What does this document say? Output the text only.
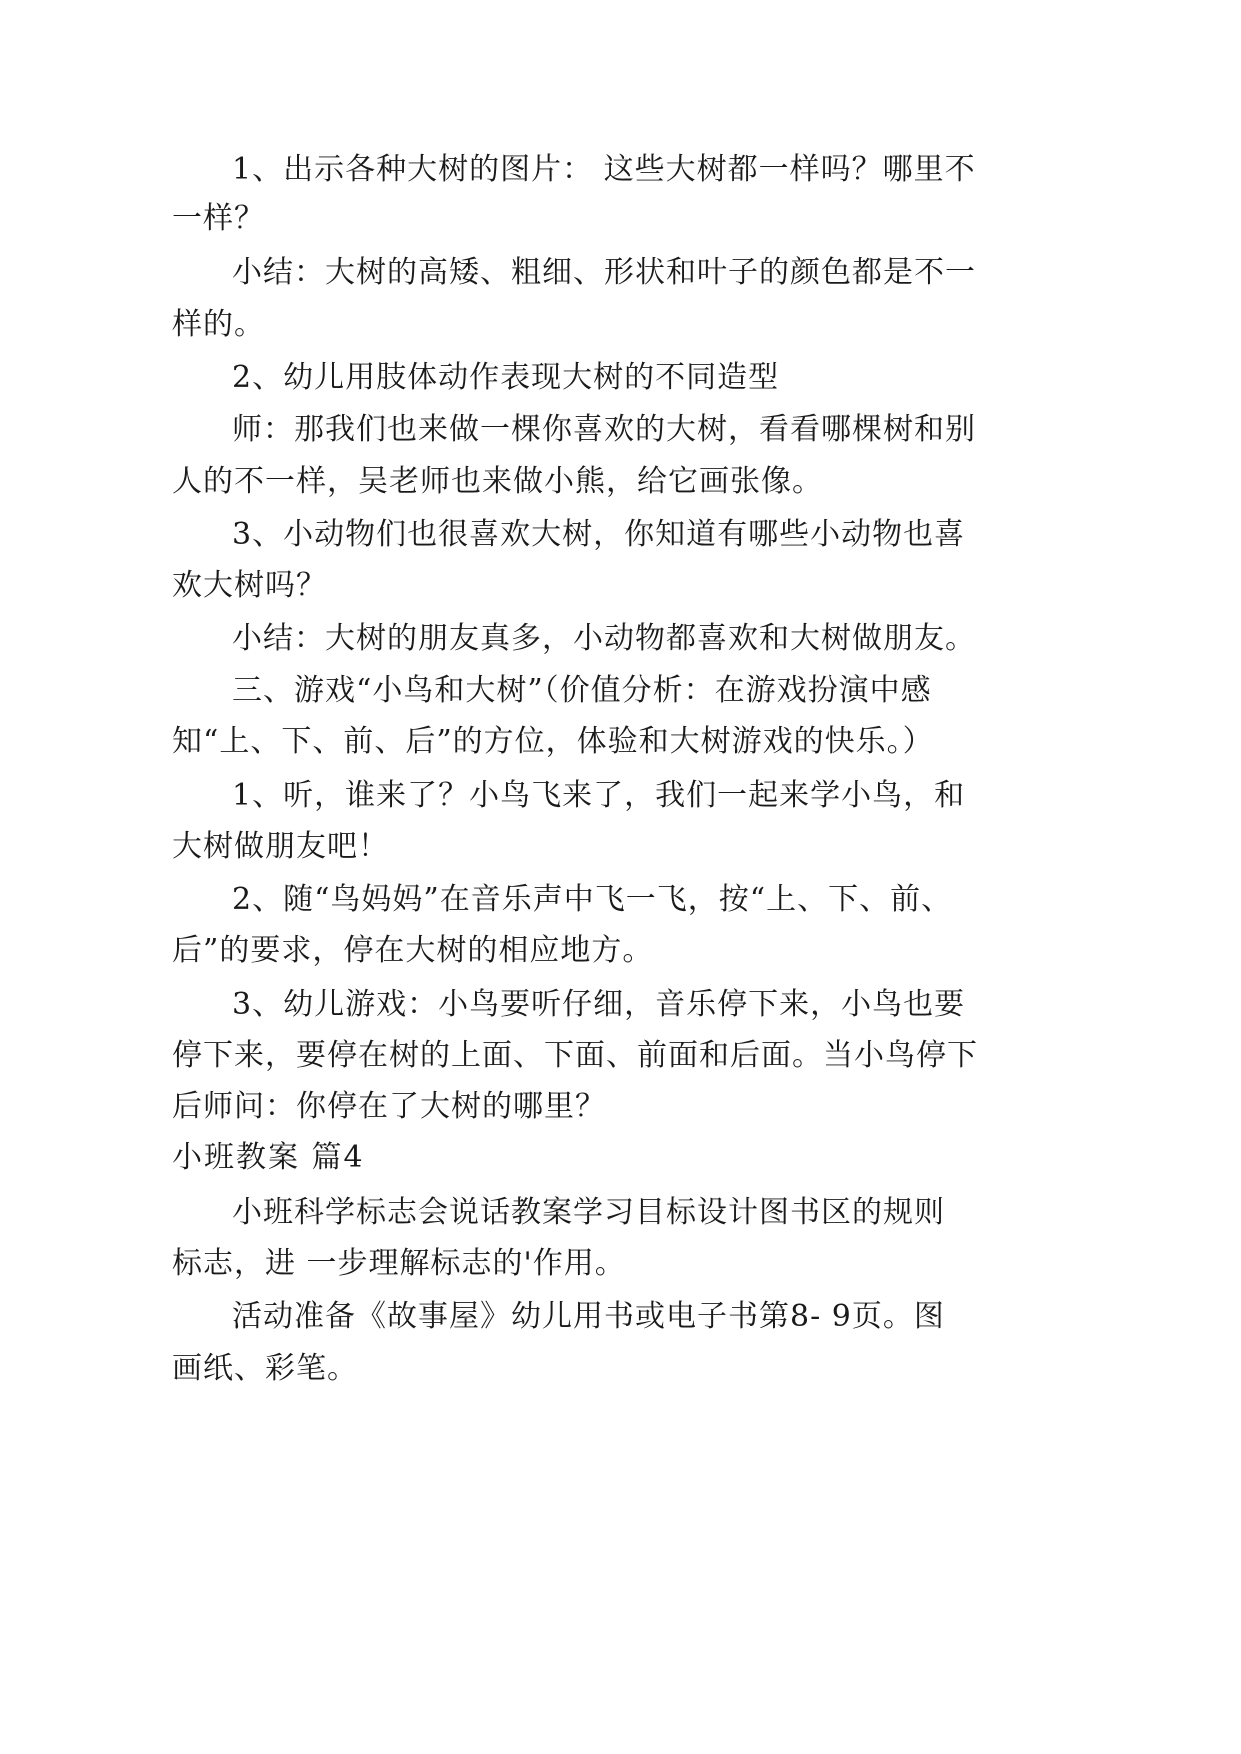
1、出示各种大树的图片： 这些大树都一样吗？哪里不
一样？
小结：大树的高矮、粗细、形状和叶子的颜色都是不一
样的。
2、幼儿用肢体动作表现大树的不同造型
师：那我们也来做一棵你喜欢的大树，看看哪棵树和别
人的不一样，吴老师也来做小熊，给它画张像。
3、小动物们也很喜欢大树，你知道有哪些小动物也喜
欢大树吗？
小结：大树的朋友真多，小动物都喜欢和大树做朋友。
三、游戏“小鸟和大树”（价值分析：在游戏扮演中感
知“上、下、前、后”的方位，体验和大树游戏的快乐。）
1、听，谁来了？小鸟飞来了，我们一起来学小鸟，和
大树做朋友吧！
2、随“鸟妈妈”在音乐声中飞一飞，按“上、下、前、
后”的要求，停在大树的相应地方。
3、幼儿游戏：小鸟要听仔细，音乐停下来，小鸟也要
停下来，要停在树的上面、下面、前面和后面。当小鸟停下
后师问：你停在了大树的哪里？
小班教案 篇4
小班科学标志会说话教案学习目标设计图书区的规则
标志，进 一步理解标志的'作用。
活动准备《故事屋》幼儿用书或电子书第8- 9页。图
画纸、彩笔。
